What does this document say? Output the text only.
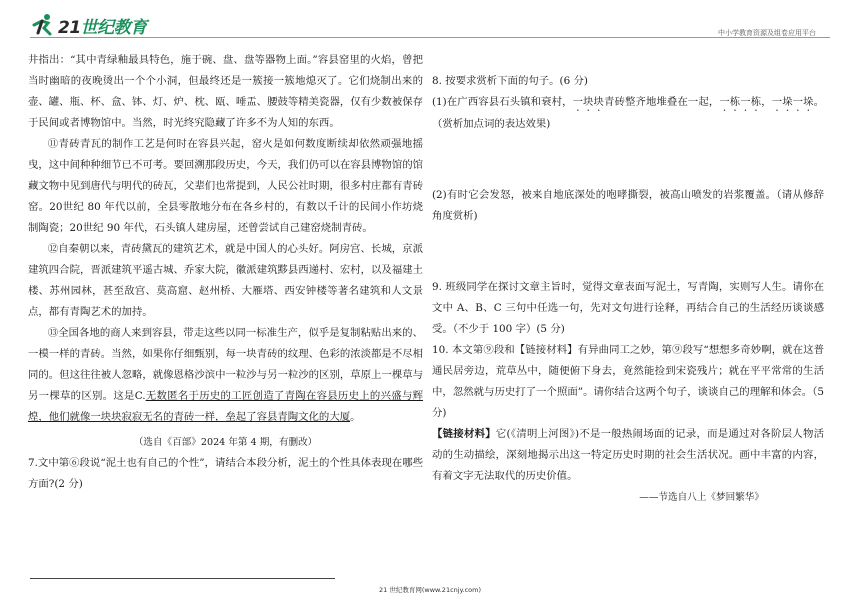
21世纪教育	中小学教育资源及组卷应用平台

井指出：“其中青绿釉最具特色，施于碗、盘、盘等器物上面。”容县窑里的火焰，曾把当时幽暗的夜晚烫出一个个小洞，但最终还是一簇接一簇地熄灭了。它们烧制出来的壶、罐、瓶、杯、盒、钵、灯、炉、枕、瓯、唾盂、腰鼓等精美瓷器，仅有少数被保存于民间或者博物馆中。当然，时光终究隐藏了许多不为人知的东西。

⑪青砖青瓦的制作工艺是何时在容县兴起，窑火是如何数度断续却依然顽强地摇曳，这中间种种细节已不可考。要回溯那段历史，今天，我们仍可以在容县博物馆的馆藏文物中见到唐代与明代的砖瓦，父辈们也常提到，人民公社时期，很多村庄都有青砖窑。20世纪 80 年代以前，全县零散地分布在各乡村的，有数以千计的民间小作坊烧制陶瓷；20世纪 90 年代，石头镇人建房屋，还曾尝试自己建窑烧制青砖。

⑫自秦朝以来，青砖黛瓦的建筑艺术，就是中国人的心头好。阿房宫、长城，京派建筑四合院，晋派建筑平遥古城、乔家大院，徽派建筑黟县西递村、宏村，以及福建土楼、苏州园林，甚至敌宫、莫高窟、赵州桥、大雁塔、西安钟楼等著名建筑和人文景点，都有青陶艺术的加持。

⑬全国各地的商人来到容县，带走这些以同一标准生产，似乎是复制粘贴出来的、一模一样的青砖。当然，如果你仔细甄别，每一块青砖的纹理、色彩的浓淡都是不尽相同的。但这往往被人忽略，就像恩格沙滨中一粒沙与另一粒沙的区别，草原上一棵草与另一棵草的区别。这是C.无数匿名于历史的工匠创造了青陶在容县历史上的兴盛与辉煌，他们就像一块块寂寂无名的青砖一样，垒起了容县青陶文化的大厦。

（选自《百部》2024 年第 4 期，有删改）

7.文中第⑥段说“泥土也有自己的个性”，请结合本段分析，泥土的个性具体表现在哪些方面?(2 分)

8. 按要求赏析下面的句子。(6 分)

(1)在广西容县石头镇和衰村，一块块青砖整齐地堆叠在一起，一栋一栋，一垛一垛。（赏析加点词的表达效果)

(2)有时它会发怒，被来自地底深处的咆哮撕裂，被高山喷发的岩浆覆盖。（请从修辞角度赏析)

9. 班级同学在探讨文章主旨时，觉得文章表面写泥土，写青陶，实则写人生。请你在文中 A、B、C 三句中任选一句，先对文句进行诠释，再结合自己的生活经历谈谈感受。（不少于 100 字）(5 分)

10. 本文第⑨段和【链接材料】有异曲同工之妙，第⑨段写“想想多奇妙啊，就在这普通民居旁边，荒草丛中，随便俯下身去，竟然能捡到宋瓷残片；就在平平常常的生活中，忽然就与历史打了一个照面”。请你结合这两个句子，谈谈自己的理解和体会。（5 分)

【链接材料】它(《清明上河图》)不是一般热闹场面的记录，而是通过对各阶层人物活动的生动描绘，深刻地揭示出这一特定历史时期的社会生活状况。画中丰富的内容，有着文字无法取代的历史价值。

——节选自八上《梦回繁华》

21 世纪教育网(www.21cnjy.com)
